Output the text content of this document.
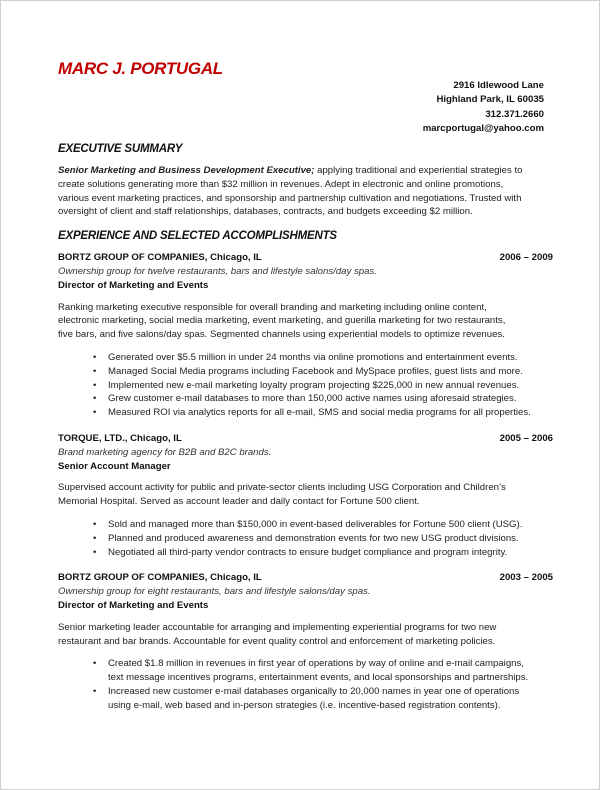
MARC J. PORTUGAL
2916 Idlewood Lane
Highland Park, IL 60035
312.371.2660
marcportugal@yahoo.com
EXECUTIVE SUMMARY
Senior Marketing and Business Development Executive; applying traditional and experiential strategies to
create solutions generating more than $32 million in revenues. Adept in electronic and online promotions,
various event marketing practices, and sponsorship and partnership cultivation and negotiations. Trusted with
oversight of client and staff relationships, databases, contracts, and budgets exceeding $2 million.
EXPERIENCE AND SELECTED ACCOMPLISHMENTS
BORTZ GROUP OF COMPANIES, Chicago, IL	2006 – 2009
Ownership group for twelve restaurants, bars and lifestyle salons/day spas.
Director of Marketing and Events
Ranking marketing executive responsible for overall branding and marketing including online content,
electronic marketing, social media marketing, event marketing, and guerilla marketing for two restaurants,
five bars, and five salons/day spas. Segmented channels using experiential models to optimize revenues.
• Generated over $5.5 million in under 24 months via online promotions and entertainment events.
• Managed Social Media programs including Facebook and MySpace profiles, guest lists and more.
• Implemented new e-mail marketing loyalty program projecting $225,000 in new annual revenues.
• Grew customer e-mail databases to more than 150,000 active names using aforesaid strategies.
• Measured ROI via analytics reports for all e-mail, SMS and social media programs for all properties.
TORQUE, LTD., Chicago, IL	2005 – 2006
Brand marketing agency for B2B and B2C brands.
Senior Account Manager
Supervised account activity for public and private-sector clients including USG Corporation and Children’s
Memorial Hospital. Served as account leader and daily contact for Fortune 500 client.
• Sold and managed more than $150,000 in event-based deliverables for Fortune 500 client (USG).
• Planned and produced awareness and demonstration events for two new USG product divisions.
• Negotiated all third-party vendor contracts to ensure budget compliance and program integrity.
BORTZ GROUP OF COMPANIES, Chicago, IL	2003 – 2005
Ownership group for eight restaurants, bars and lifestyle salons/day spas.
Director of Marketing and Events
Senior marketing leader accountable for arranging and implementing experiential programs for two new
restaurant and bar brands. Accountable for event quality control and enforcement of marketing policies.
• Created $1.8 million in revenues in first year of operations by way of online and e-mail campaigns,
text message incentives programs, entertainment events, and local sponsorships and partnerships.
• Increased new customer e-mail databases organically to 20,000 names in year one of operations
using e-mail, web based and in-person strategies (i.e. incentive-based registration contents).
